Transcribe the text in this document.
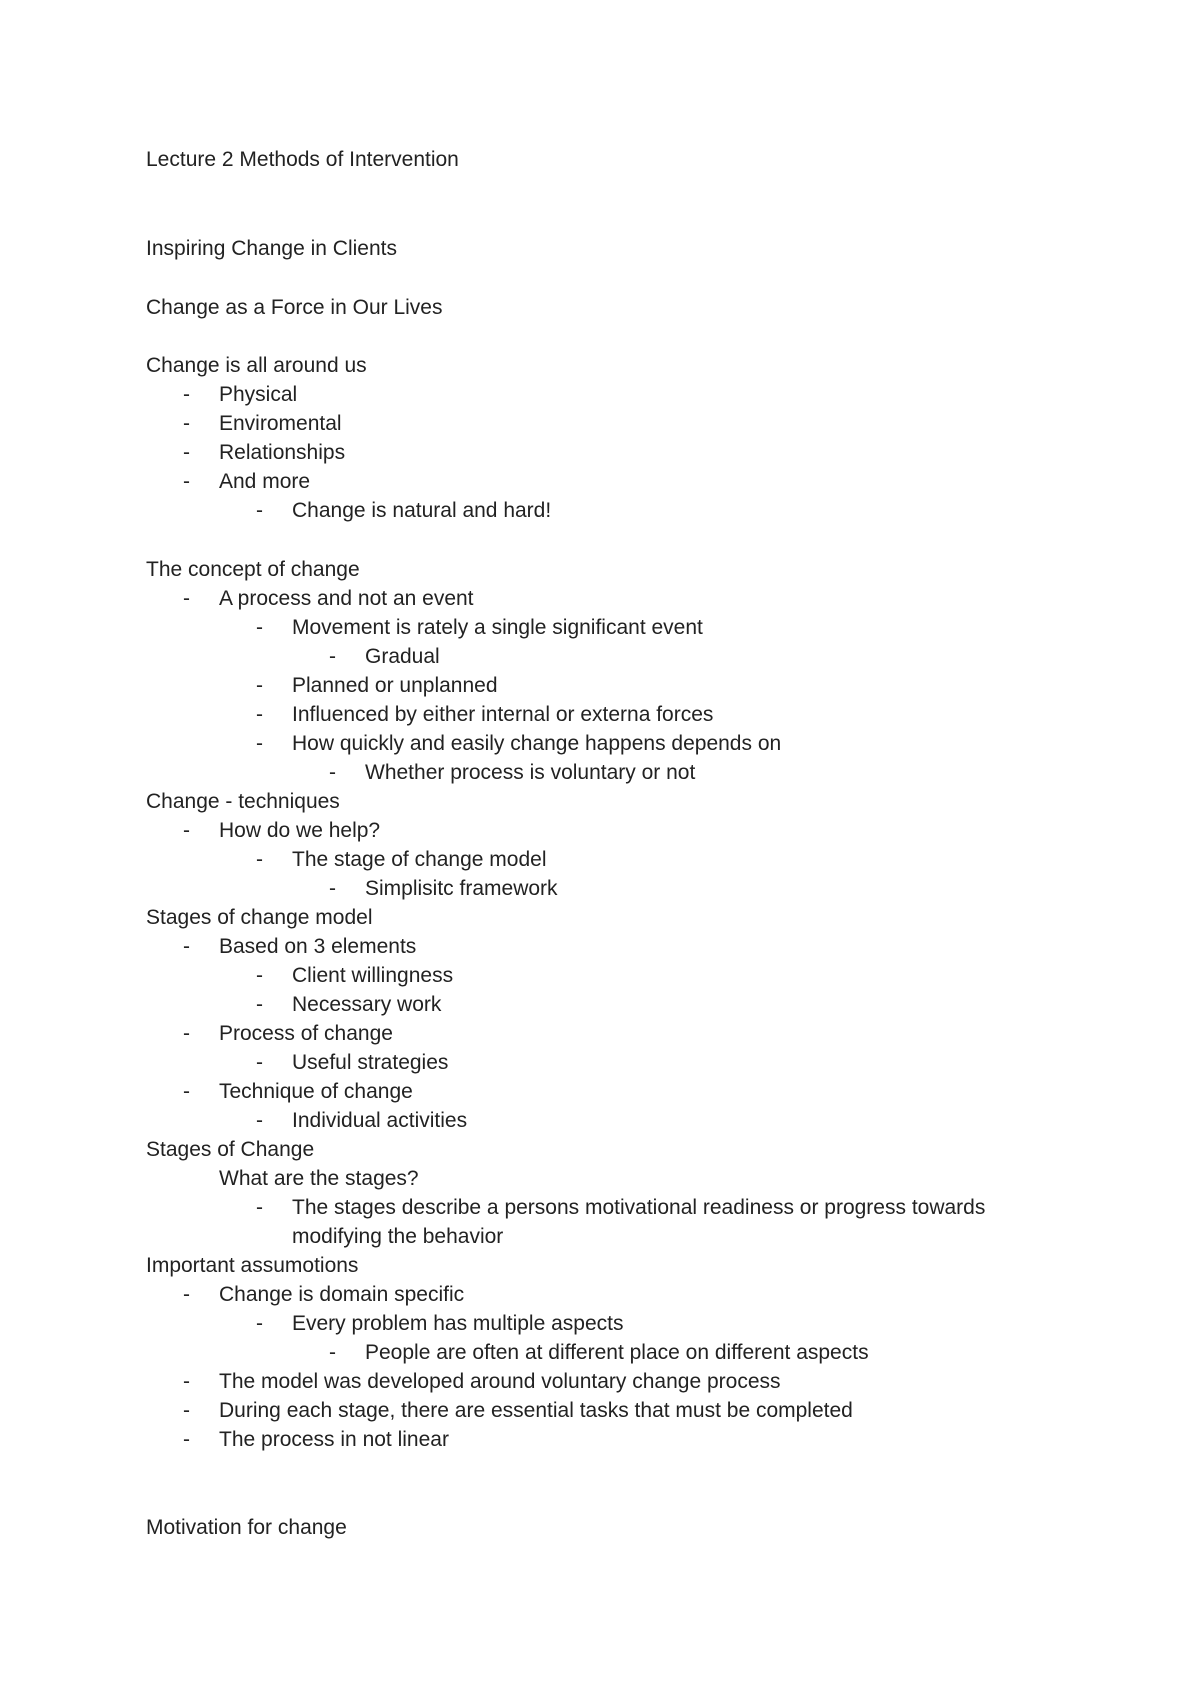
Lecture 2 Methods of Intervention
Inspiring Change in Clients
Change as a Force in Our Lives
Change is all around us
- Physical
- Enviromental
- Relationships
- And more
- Change is natural and hard!
The concept of change
- A process and not an event
- Movement is rately a single significant event
- Gradual
- Planned or unplanned
- Influenced by either internal or externa forces
- How quickly and easily change happens depends on
- Whether process is voluntary or not
Change - techniques
- How do we help?
- The stage of change model
- Simplisitc framework
Stages of change model
- Based on 3 elements
- Client willingness
- Necessary work
- Process of change
- Useful strategies
- Technique of change
- Individual activities
Stages of Change
What are the stages?
- The stages describe a persons motivational readiness or progress towards
modifying the behavior
Important assumotions
- Change is domain specific
- Every problem has multiple aspects
- People are often at different place on different aspects
- The model was developed around voluntary change process
- During each stage, there are essential tasks that must be completed
- The process in not linear
Motivation for change
